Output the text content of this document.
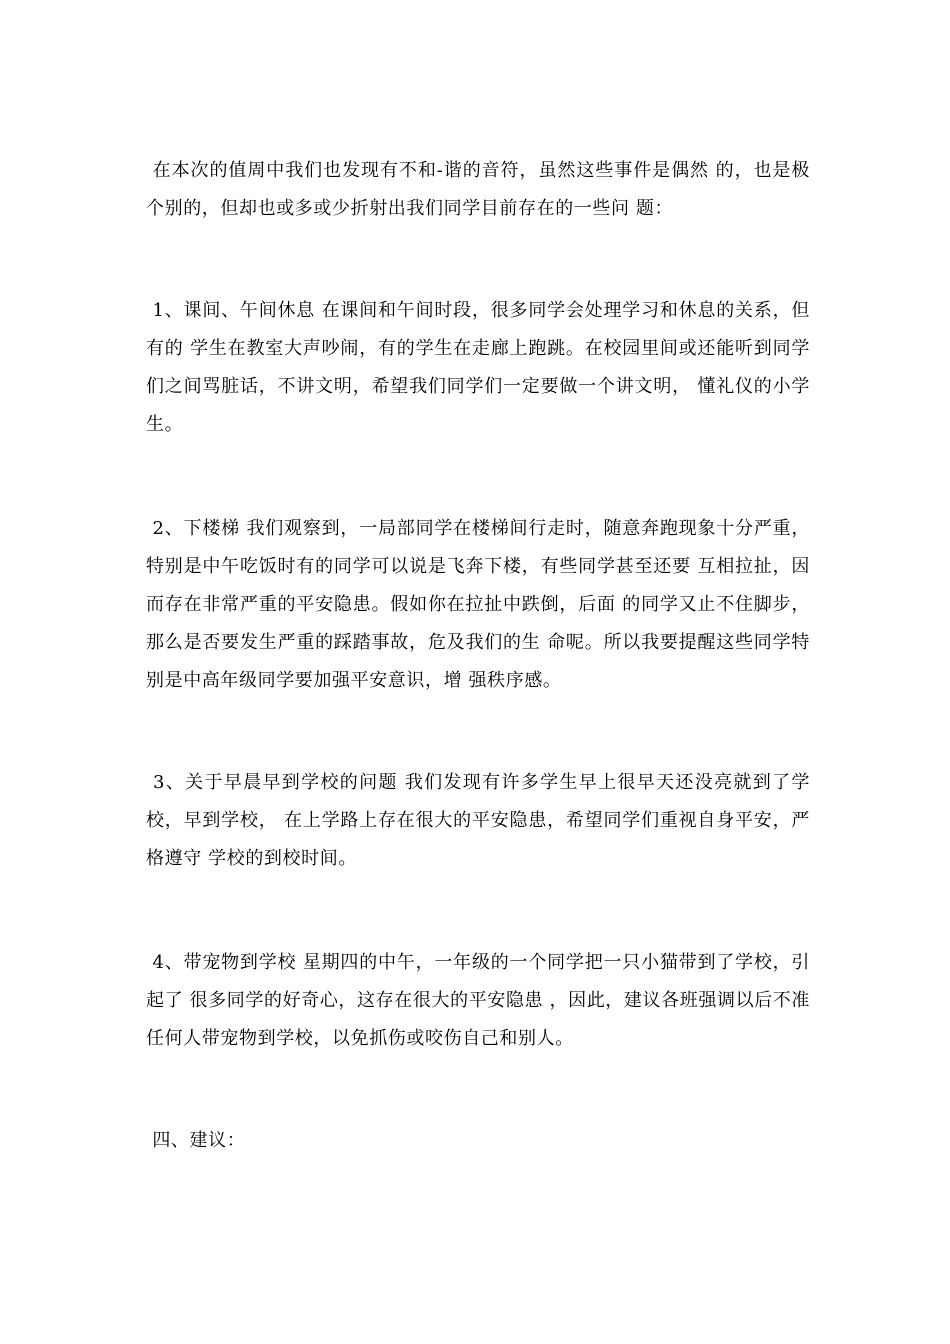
在本次的值周中我们也发现有不和-谐的音符，虽然这些事件是偶然 的，也是极个别的，但却也或多或少折射出我们同学目前存在的一些问 题：

1、课间、午间休息 在课间和午间时段，很多同学会处理学习和休息的关系，但有的 学生在教室大声吵闹，有的学生在走廊上跑跳。在校园里间或还能听到同学们之间骂脏话，不讲文明，希望我们同学们一定要做一个讲文明， 懂礼仪的小学生。

2、下楼梯 我们观察到，一局部同学在楼梯间行走时，随意奔跑现象十分严重，特别是中午吃饭时有的同学可以说是飞奔下楼，有些同学甚至还要 互相拉扯，因而存在非常严重的平安隐患。假如你在拉扯中跌倒，后面 的同学又止不住脚步，那么是否要发生严重的踩踏事故，危及我们的生 命呢。所以我要提醒这些同学特别是中高年级同学要加强平安意识，增 强秩序感。

3、关于早晨早到学校的问题 我们发现有许多学生早上很早天还没亮就到了学校，早到学校， 在上学路上存在很大的平安隐患，希望同学们重视自身平安，严格遵守 学校的到校时间。

4、带宠物到学校 星期四的中午，一年级的一个同学把一只小猫带到了学校，引起了 很多同学的好奇心，这存在很大的平安隐患 ，因此，建议各班强调以后不准任何人带宠物到学校，以免抓伤或咬伤自己和别人。

四、建议：
